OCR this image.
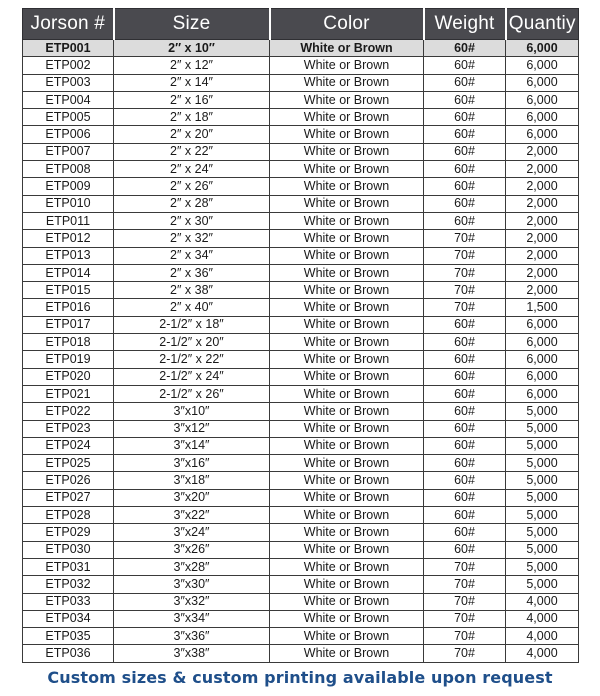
Jorson #	Size	Color	Weight	Quantiy
ETP001	2″ x 10″	White or Brown	60#	6,000
ETP002	2″ x 12″	White or Brown	60#	6,000
ETP003	2″ x 14″	White or Brown	60#	6,000
ETP004	2″ x 16″	White or Brown	60#	6,000
ETP005	2″ x 18″	White or Brown	60#	6,000
ETP006	2″ x 20″	White or Brown	60#	6,000
ETP007	2″ x 22″	White or Brown	60#	2,000
ETP008	2″ x 24″	White or Brown	60#	2,000
ETP009	2″ x 26″	White or Brown	60#	2,000
ETP010	2″ x 28″	White or Brown	60#	2,000
ETP011	2″ x 30″	White or Brown	60#	2,000
ETP012	2″ x 32″	White or Brown	70#	2,000
ETP013	2″ x 34″	White or Brown	70#	2,000
ETP014	2″ x 36″	White or Brown	70#	2,000
ETP015	2″ x 38″	White or Brown	70#	2,000
ETP016	2″ x 40″	White or Brown	70#	1,500
ETP017	2-1/2″ x 18″	White or Brown	60#	6,000
ETP018	2-1/2″ x 20″	White or Brown	60#	6,000
ETP019	2-1/2″ x 22″	White or Brown	60#	6,000
ETP020	2-1/2″ x 24″	White or Brown	60#	6,000
ETP021	2-1/2″ x 26″	White or Brown	60#	6,000
ETP022	3″x10″	White or Brown	60#	5,000
ETP023	3″x12″	White or Brown	60#	5,000
ETP024	3″x14″	White or Brown	60#	5,000
ETP025	3″x16″	White or Brown	60#	5,000
ETP026	3″x18″	White or Brown	60#	5,000
ETP027	3″x20″	White or Brown	60#	5,000
ETP028	3″x22″	White or Brown	60#	5,000
ETP029	3″x24″	White or Brown	60#	5,000
ETP030	3″x26″	White or Brown	60#	5,000
ETP031	3″x28″	White or Brown	70#	5,000
ETP032	3″x30″	White or Brown	70#	5,000
ETP033	3″x32″	White or Brown	70#	4,000
ETP034	3″x34″	White or Brown	70#	4,000
ETP035	3″x36″	White or Brown	70#	4,000
ETP036	3″x38″	White or Brown	70#	4,000
Custom sizes & custom printing available upon request
